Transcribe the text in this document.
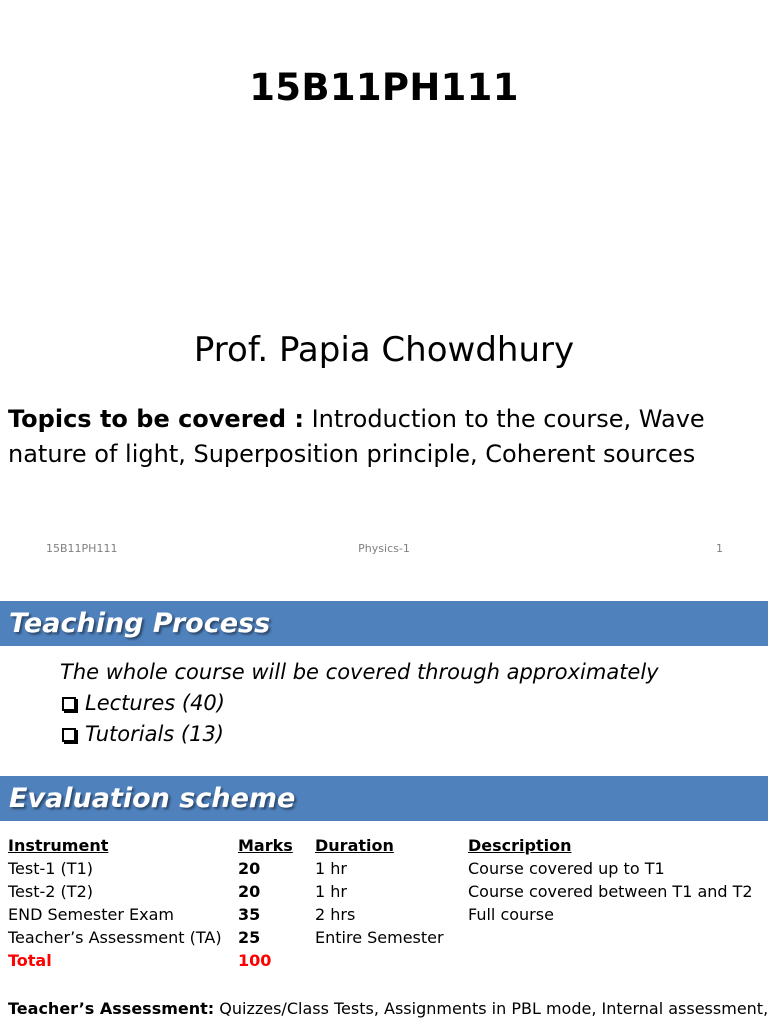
15B11PH111
Prof. Papia Chowdhury
Topics to be covered : Introduction to the course, Wave nature of light, Superposition principle, Coherent sources
15B11PH111	Physics-1	1
Teaching Process
The whole course will be covered through approximately
Lectures (40)
Tutorials (13)
Evaluation scheme
Instrument	Marks	Duration	Description
Test-1 (T1)	20	1 hr	Course covered up to T1
Test-2 (T2)	20	1 hr	Course covered between T1 and T2
END Semester Exam	35	2 hrs	Full course
Teacher’s Assessment (TA)	25	Entire Semester	
Total	100		
Teacher’s Assessment: Quizzes/Class Tests, Assignments in PBL mode, Internal assessment,
